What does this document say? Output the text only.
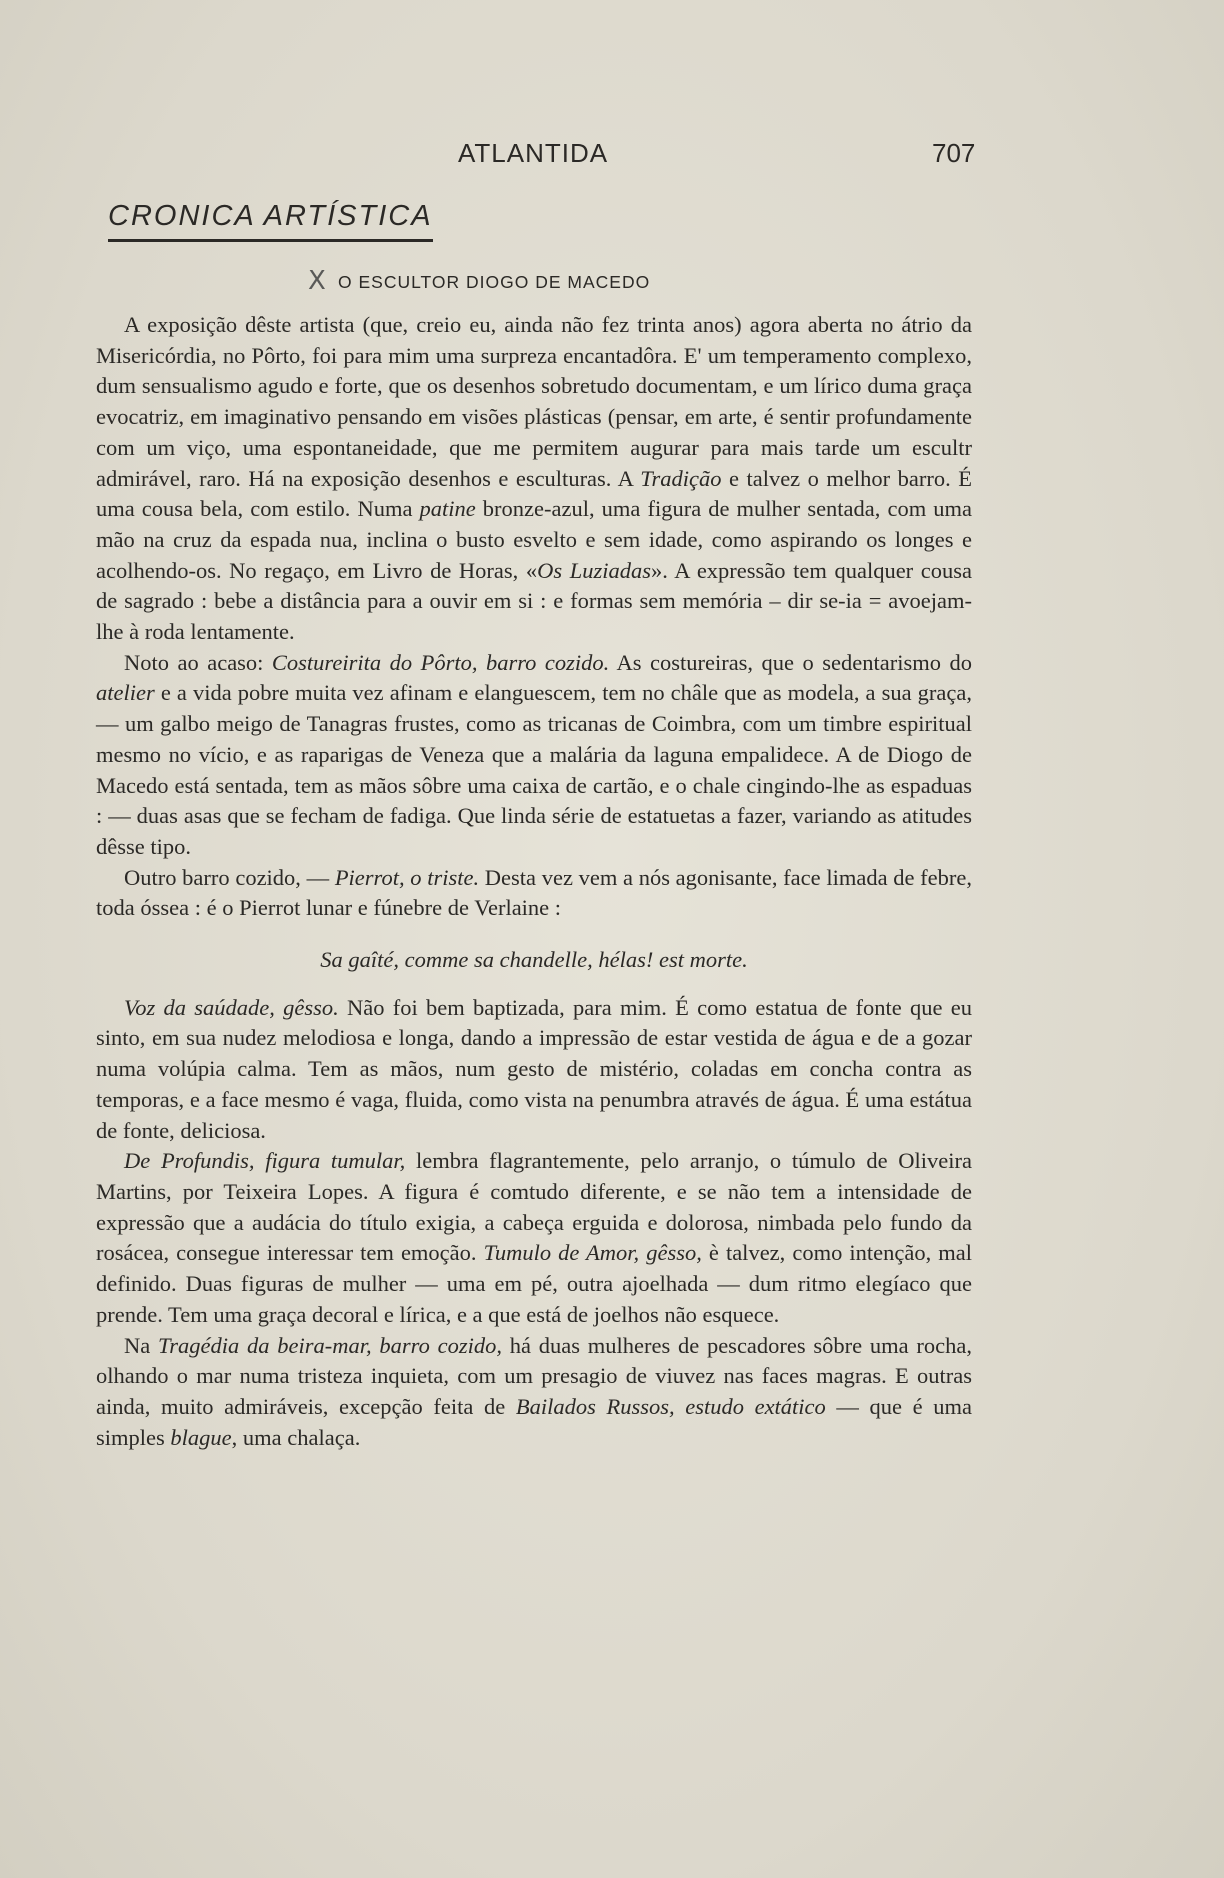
ATLANTIDA	707
CRONICA ARTÍSTICA
X O ESCULTOR DIOGO DE MACEDO

A exposição dêste artista (que, creio eu, ainda não fez trinta anos) agora aberta no átrio da Misericórdia, no Pôrto, foi para mim uma surpreza encantadôra. E' um temperamento complexo, dum sensualismo agudo e forte, que os desenhos sobretudo documentam, e um lírico duma graça evocatriz, em imaginativo pensando em visões plásticas (pensar, em arte, é sentir profundamente com um viço, uma espontaneidade, que me permitem augurar para mais tarde um escultr admirável, raro. Há na exposição desenhos e esculturas. A Tradição e talvez o melhor barro. É uma cousa bela, com estilo. Numa patine bronze-azul, uma figura de mulher sentada, com uma mão na cruz da espada nua, inclina o busto esvelto e sem idade, como aspirando os longes e acolhendo-os. No regaço, em Livro de Horas, «Os Luziadas». A expressão tem qualquer cousa de sagrado : bebe a distância para a ouvir em si : e formas sem memória – dir se-ia = avoejam-lhe à roda lentamente.

Noto ao acaso: Costureirita do Pôrto, barro cozido. As costureiras, que o sedentarismo do atelier e a vida pobre muita vez afinam e elanguescem, tem no châle que as modela, a sua graça, — um galbo meigo de Tanagras frustes, como as tricanas de Coimbra, com um timbre espiritual mesmo no vício, e as raparigas de Veneza que a malária da laguna empalidece. A de Diogo de Macedo está sentada, tem as mãos sôbre uma caixa de cartão, e o chale cingindo-lhe as espaduas : — duas asas que se fecham de fadiga. Que linda série de estatuetas a fazer, variando as atitudes dêsse tipo.

Outro barro cozido, — Pierrot, o triste. Desta vez vem a nós agonisante, face limada de febre, toda óssea : é o Pierrot lunar e fúnebre de Verlaine :

Sa gaîté, comme sa chandelle, hélas! est morte.

Voz da saúdade, gêsso. Não foi bem baptizada, para mim. É como estatua de fonte que eu sinto, em sua nudez melodiosa e longa, dando a impressão de estar vestida de água e de a gozar numa volúpia calma. Tem as mãos, num gesto de mistério, coladas em concha contra as temporas, e a face mesmo é vaga, fluida, como vista na penumbra através de água. É uma estátua de fonte, deliciosa.

De Profundis, figura tumular, lembra flagrantemente, pelo arranjo, o túmulo de Oliveira Martins, por Teixeira Lopes. A figura é comtudo diferente, e se não tem a intensidade de expressão que a audácia do título exigia, a cabeça erguida e dolorosa, nimbada pelo fundo da rosácea, consegue interessar tem emoção. Tumulo de Amor, gêsso, è talvez, como intenção, mal definido. Duas figuras de mulher — uma em pé, outra ajoelhada — dum ritmo elegíaco que prende. Tem uma graça decoral e lírica, e a que está de joelhos não esquece.

Na Tragédia da beira-mar, barro cozido, há duas mulheres de pescadores sôbre uma rocha, olhando o mar numa tristeza inquieta, com um presagio de viuvez nas faces magras. E outras ainda, muito admiráveis, excepção feita de Bailados Russos, estudo extático — que é uma simples blague, uma chalaça.
